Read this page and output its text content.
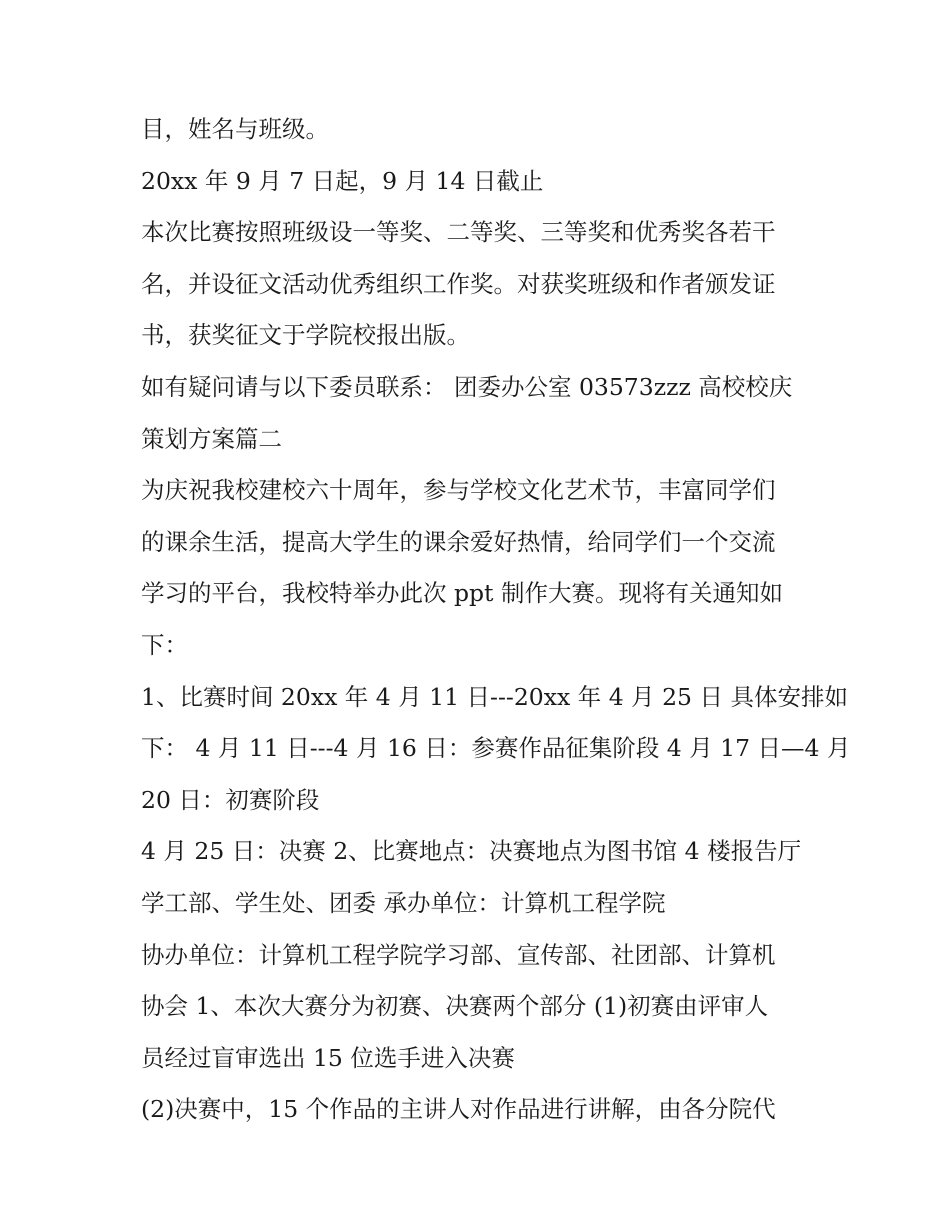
目，姓名与班级。

20xx 年 9 月 7 日起，9 月 14 日截止

本次比赛按照班级设一等奖、二等奖、三等奖和优秀奖各若干

名，并设征文活动优秀组织工作奖。对获奖班级和作者颁发证

书，获奖征文于学院校报出版。

如有疑问请与以下委员联系： 团委办公室 03573zzz 高校校庆

策划方案篇二

为庆祝我校建校六十周年，参与学校文化艺术节，丰富同学们

的课余生活，提高大学生的课余爱好热情，给同学们一个交流

学习的平台，我校特举办此次 ppt 制作大赛。现将有关通知如

下：

1、比赛时间 20xx 年 4 月 11 日---20xx 年 4 月 25 日 具体安排如

下： 4 月 11 日---4 月 16 日：参赛作品征集阶段 4 月 17 日—4 月

20 日：初赛阶段

4 月 25 日：决赛 2、比赛地点：决赛地点为图书馆 4 楼报告厅

学工部、学生处、团委 承办单位：计算机工程学院

协办单位：计算机工程学院学习部、宣传部、社团部、计算机

协会 1、本次大赛分为初赛、决赛两个部分 (1)初赛由评审人

员经过盲审选出 15 位选手进入决赛

(2)决赛中，15 个作品的主讲人对作品进行讲解，由各分院代
